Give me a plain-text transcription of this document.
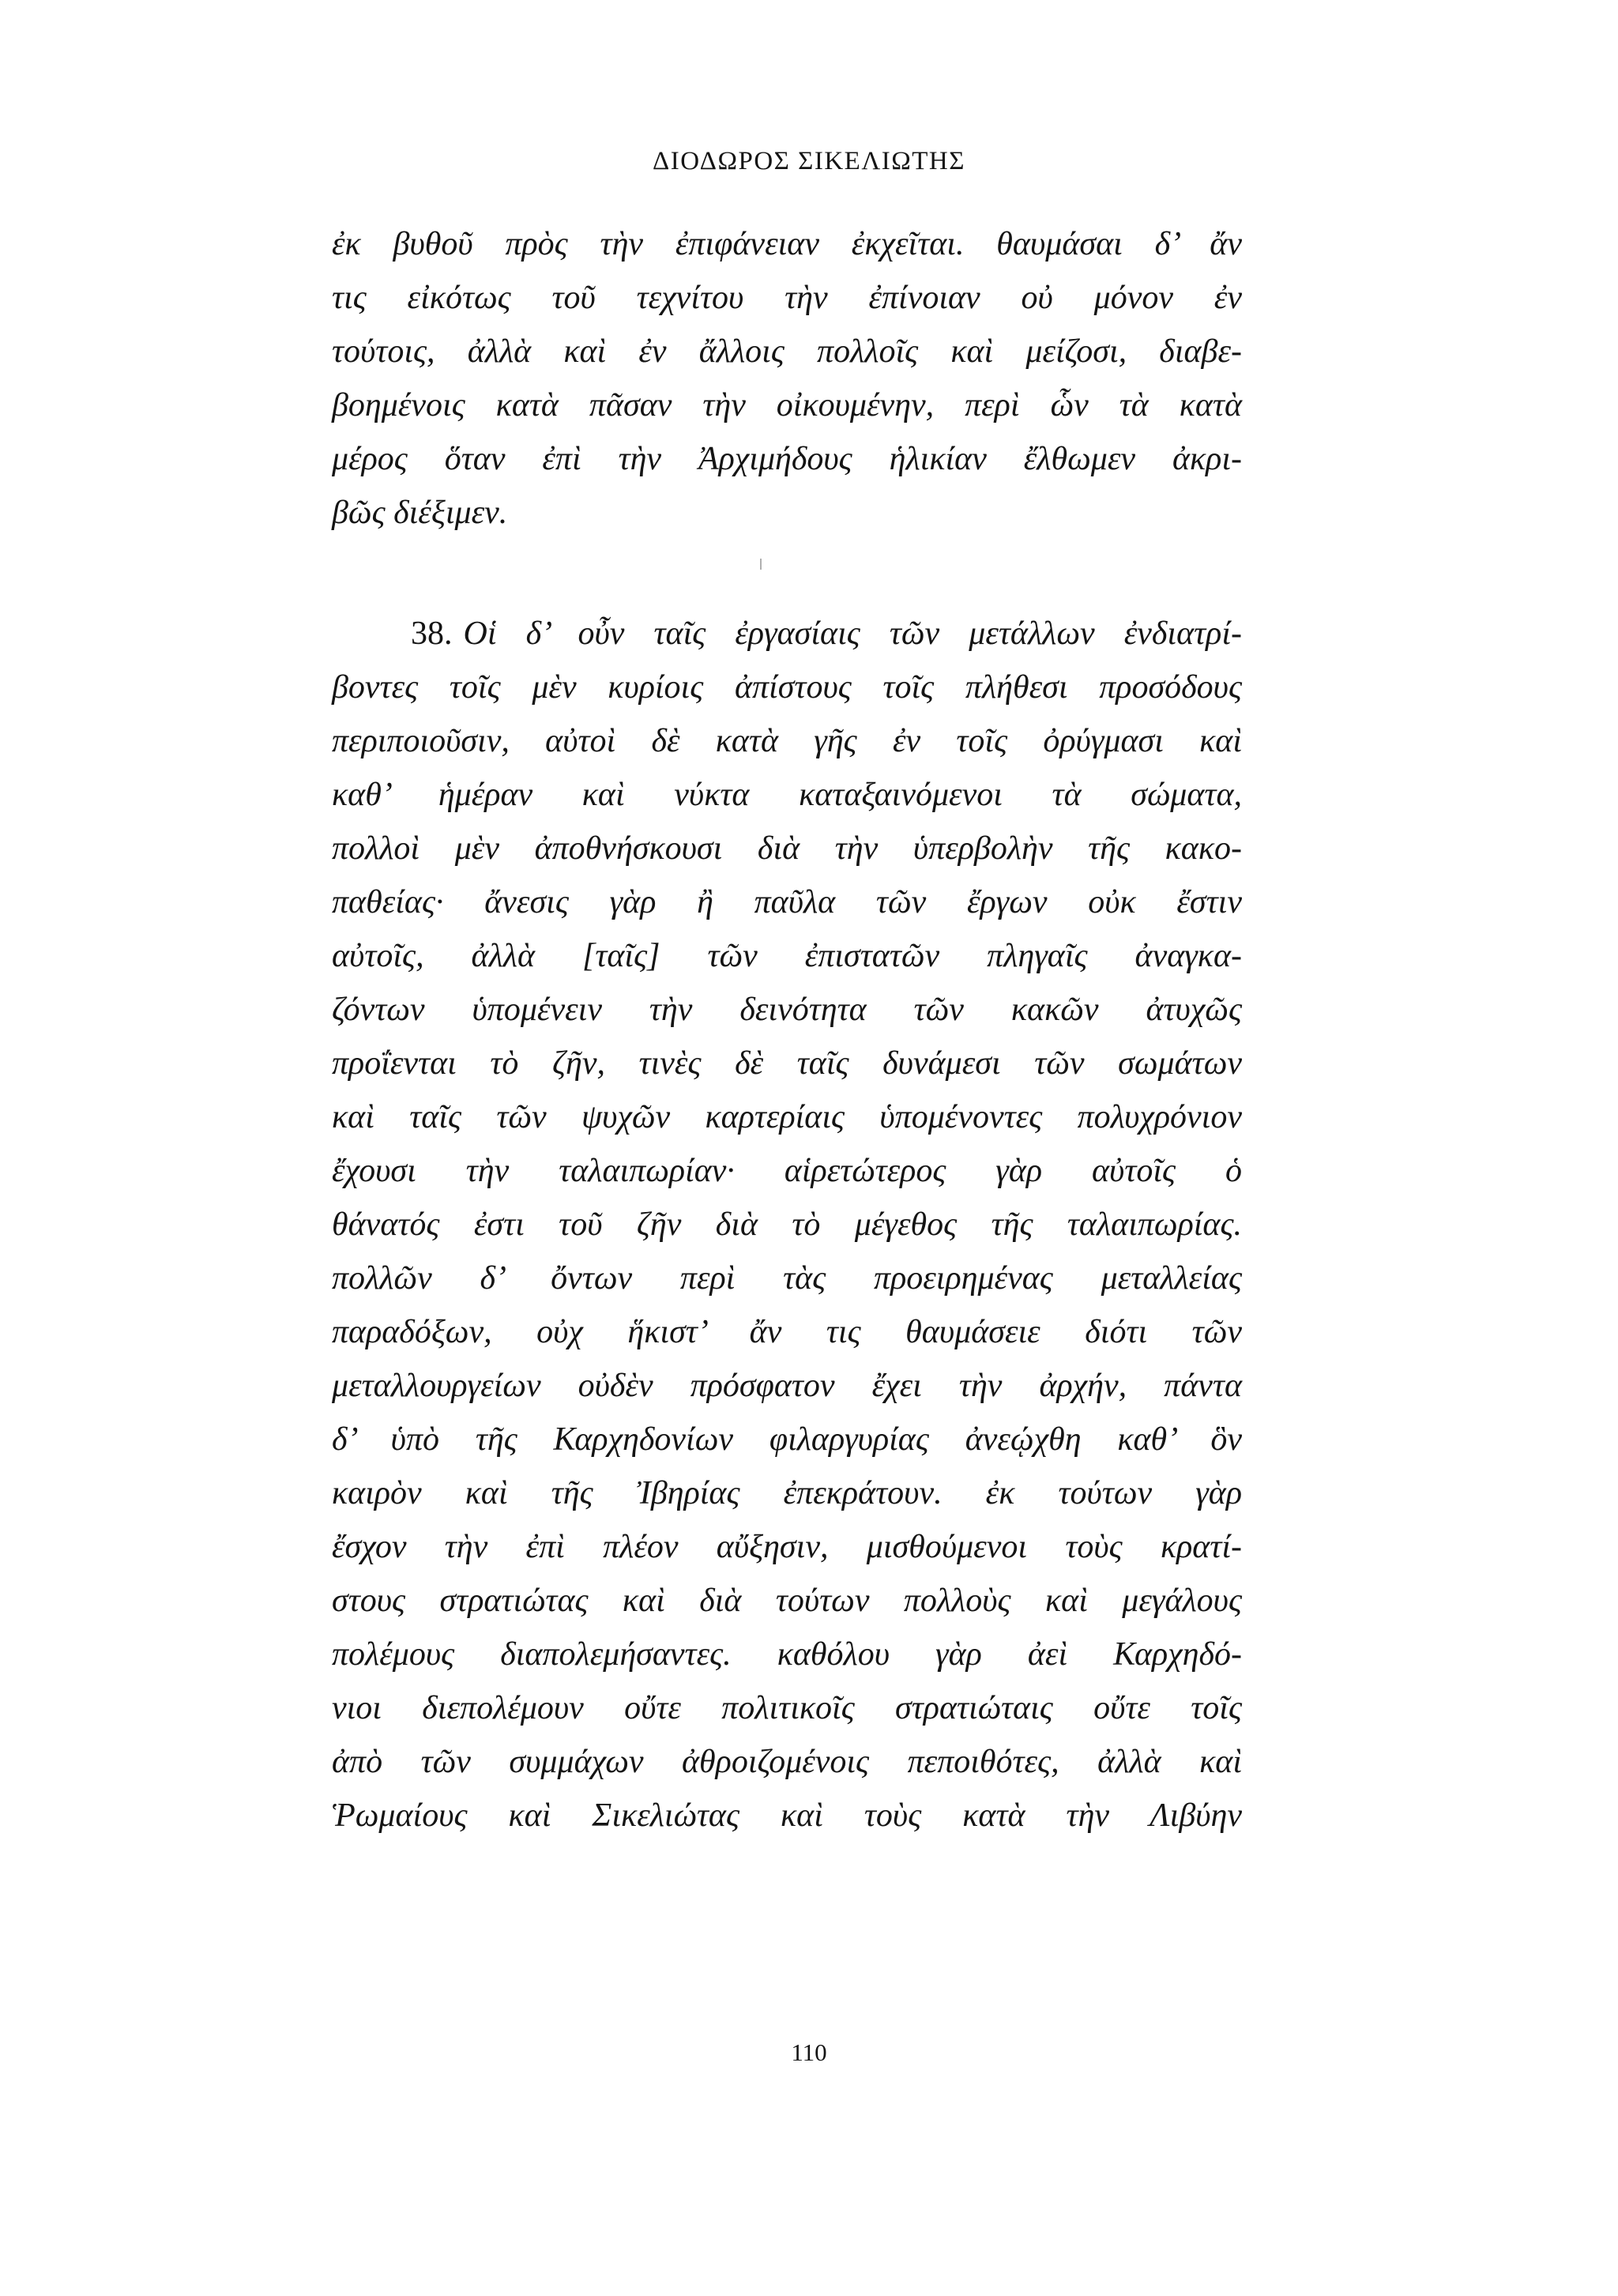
ΔΙΟΔΩΡΟΣ ΣΙΚΕΛΙΩΤΗΣ
ἐκ βυθοῦ πρὸς τὴν ἐπιφάνειαν ἐκχεῖται. θαυμάσαι δ’ ἄν
τις εἰκότως τοῦ τεχνίτου τὴν ἐπίνοιαν οὐ μόνον ἐν
τούτοις, ἀλλὰ καὶ ἐν ἄλλοις πολλοῖς καὶ μείζοσι, διαβε-
βοημένοις κατὰ πᾶσαν τὴν οἰκουμένην, περὶ ὧν τὰ κατὰ
μέρος ὅταν ἐπὶ τὴν Ἀρχιμήδους ἡλικίαν ἔλθωμεν ἀκρι-
βῶς διέξιμεν.
38. Οἱ δ’ οὖν ταῖς ἐργασίαις τῶν μετάλλων ἐνδιατρί-
βοντες τοῖς μὲν κυρίοις ἀπίστους τοῖς πλήθεσι προσόδους
περιποιοῦσιν, αὐτοὶ δὲ κατὰ γῆς ἐν τοῖς ὀρύγμασι καὶ
καθ’ ἡμέραν καὶ νύκτα καταξαινόμενοι τὰ σώματα,
πολλοὶ μὲν ἀποθνήσκουσι διὰ τὴν ὑπερβολὴν τῆς κακο-
παθείας· ἄνεσις γὰρ ἢ παῦλα τῶν ἔργων οὐκ ἔστιν
αὐτοῖς, ἀλλὰ [ταῖς] τῶν ἐπιστατῶν πληγαῖς ἀναγκα-
ζόντων ὑπομένειν τὴν δεινότητα τῶν κακῶν ἀτυχῶς
προΐενται τὸ ζῆν, τινὲς δὲ ταῖς δυνάμεσι τῶν σωμάτων
καὶ ταῖς τῶν ψυχῶν καρτερίαις ὑπομένοντες πολυχρόνιον
ἔχουσι τὴν ταλαιπωρίαν· αἱρετώτερος γὰρ αὐτοῖς ὁ
θάνατός ἐστι τοῦ ζῆν διὰ τὸ μέγεθος τῆς ταλαιπωρίας.
πολλῶν δ’ ὄντων περὶ τὰς προειρημένας μεταλλείας
παραδόξων, οὐχ ἥκιστ’ ἄν τις θαυμάσειε διότι τῶν
μεταλλουργείων οὐδὲν πρόσφατον ἔχει τὴν ἀρχήν, πάντα
δ’ ὑπὸ τῆς Καρχηδονίων φιλαργυρίας ἀνεῴχθη καθ’ ὃν
καιρὸν καὶ τῆς Ἰβηρίας ἐπεκράτουν. ἐκ τούτων γὰρ
ἔσχον τὴν ἐπὶ πλέον αὔξησιν, μισθούμενοι τοὺς κρατί-
στους στρατιώτας καὶ διὰ τούτων πολλοὺς καὶ μεγάλους
πολέμους διαπολεμήσαντες. καθόλου γὰρ ἀεὶ Καρχηδό-
νιοι διεπολέμουν οὔτε πολιτικοῖς στρατιώταις οὔτε τοῖς
ἀπὸ τῶν συμμάχων ἀθροιζομένοις πεποιθότες, ἀλλὰ καὶ
Ῥωμαίους καὶ Σικελιώτας καὶ τοὺς κατὰ τὴν Λιβύην

110
